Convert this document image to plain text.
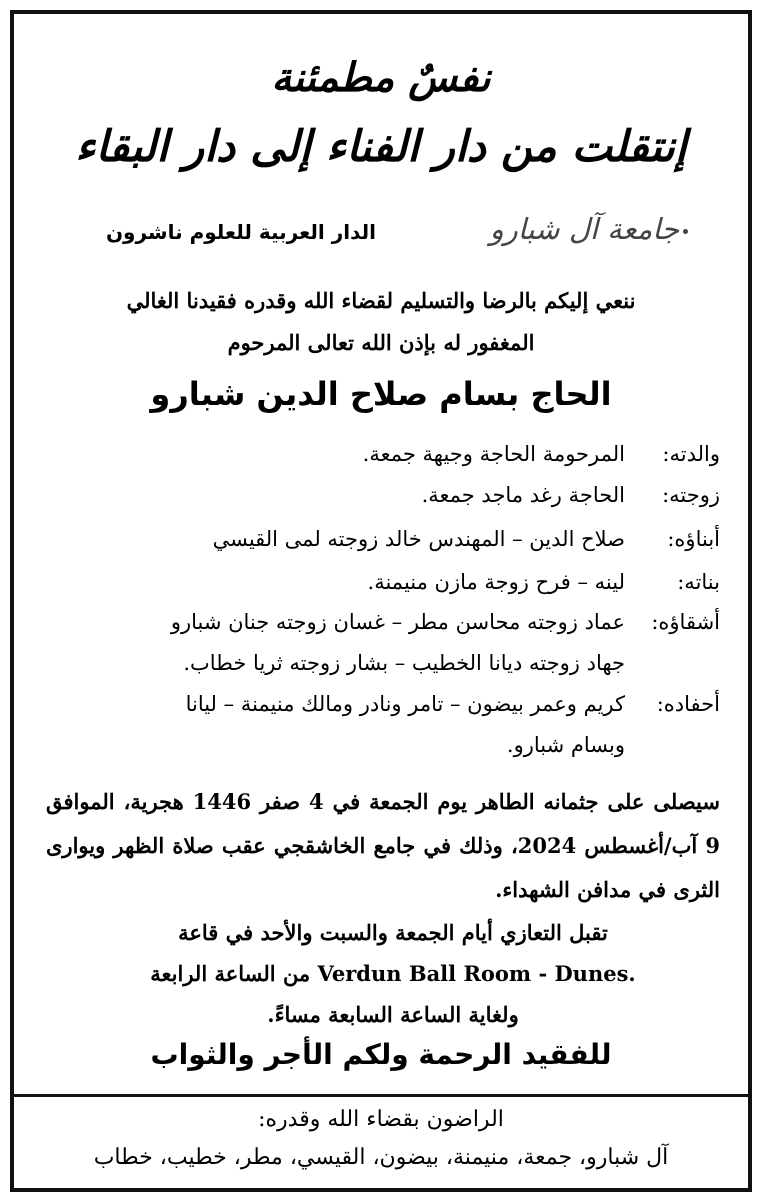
نفسٌ مطمئنة
إنتقلت من دار الفناء إلى دار البقاء
جامعة آل شبارو
الدار العربية للعلوم ناشرون
ننعي إليكم بالرضا والتسليم لقضاء الله وقدره فقيدنا الغالي
المغفور له بإذن الله تعالى المرحوم
الحاج بسام صلاح الدين شبارو
والدته:
المرحومة الحاجة وجيهة جمعة.
زوجته:
الحاجة رغد ماجد جمعة.
أبناؤه:
صلاح الدين – المهندس خالد زوجته لمى القيسي
بناته:
لينه – فرح زوجة مازن منيمنة.
أشقاؤه:
عماد زوجته محاسن مطر – غسان زوجته جنان شبارو
جهاد زوجته ديانا الخطيب – بشار زوجته ثريا خطاب.
أحفاده:
كريم وعمر بيضون – تامر ونادر ومالك منيمنة – ليانا
وبسام شبارو.
سيصلى على جثمانه الطاهر يوم الجمعة في 4 صفر 1446 هجرية، الموافق 9 آب/أغسطس 2024، وذلك في جامع الخاشقجي عقب صلاة الظهر ويوارى الثرى في مدافن الشهداء.
تقبل التعازي أيام الجمعة والسبت والأحد في قاعة
Verdun Ball Room - Dunes. من الساعة الرابعة
ولغاية الساعة السابعة مساءً.
للفقيد الرحمة ولكم الأجر والثواب
الراضون بقضاء الله وقدره:
آل شبارو، جمعة، منيمنة، بيضون، القيسي، مطر، خطيب، خطاب
